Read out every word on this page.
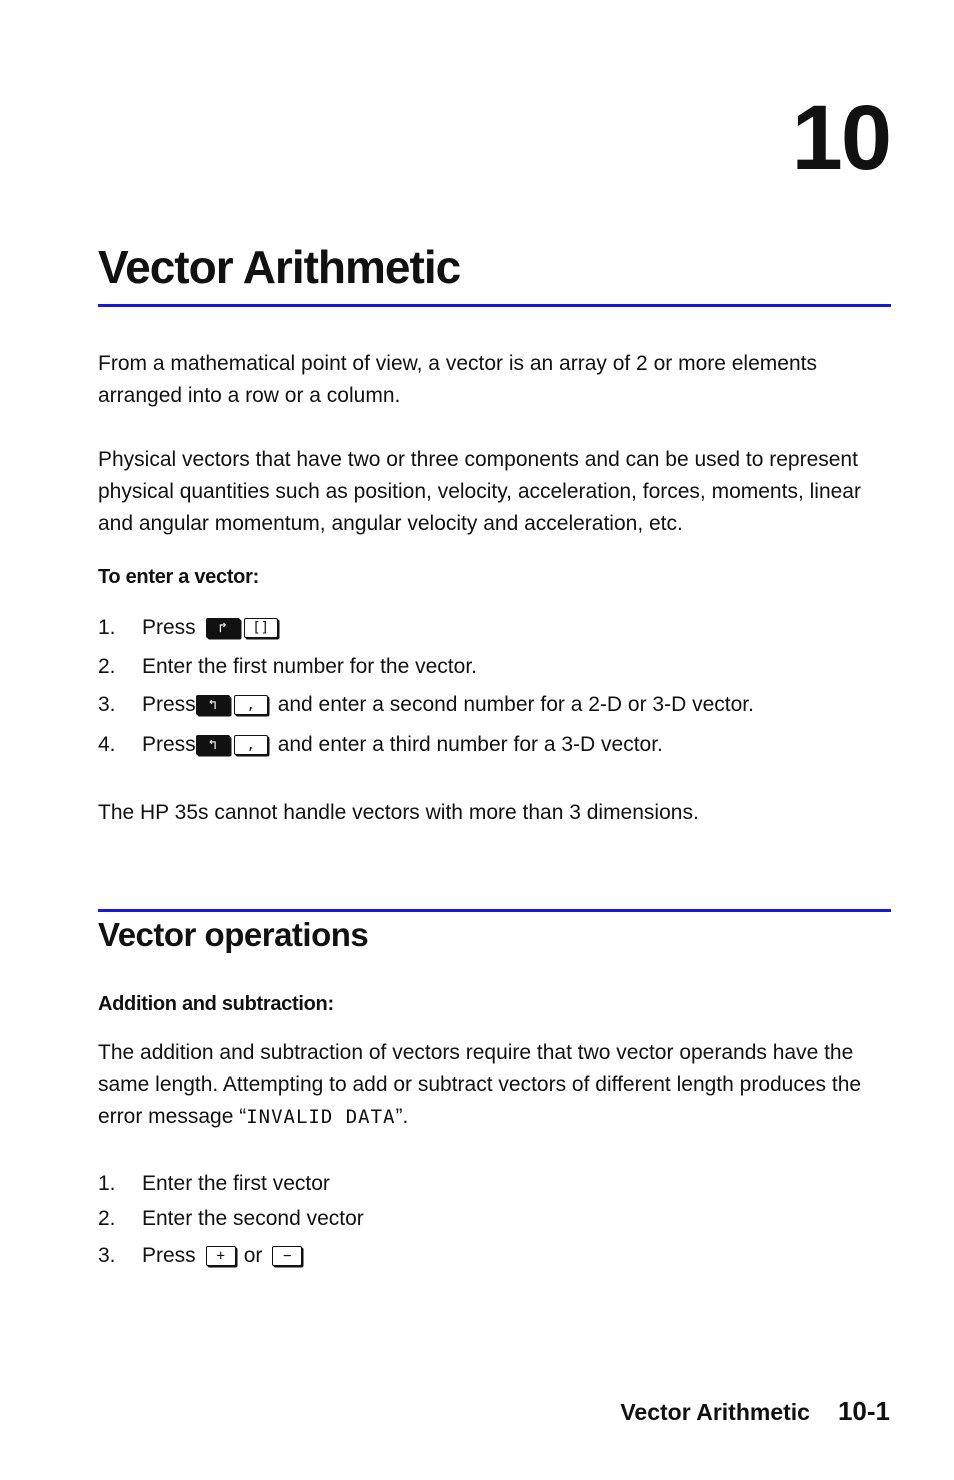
10
Vector Arithmetic

From a mathematical point of view, a vector is an array of 2 or more elements arranged into a row or a column.

Physical vectors that have two or three components and can be used to represent physical quantities such as position, velocity, acceleration, forces, moments, linear and angular momentum, angular velocity and acceleration, etc.

To enter a vector:
1.	Press	↱	[]
2.	Enter the first number for the vector.
3.	Press ↰	,	and enter a second number for a 2-D or 3-D vector.
4.	Press ↰	,	and enter a third number for a 3-D vector.

The HP 35s cannot handle vectors with more than 3 dimensions.

Vector operations
Addition and subtraction:

The addition and subtraction of vectors require that two vector operands have the same length. Attempting to add or subtract vectors of different length produces the error message “INVALID DATA”.

1.	Enter the first vector
2.	Enter the second vector
3.	Press	+ or	−
Vector Arithmetic 10-1
